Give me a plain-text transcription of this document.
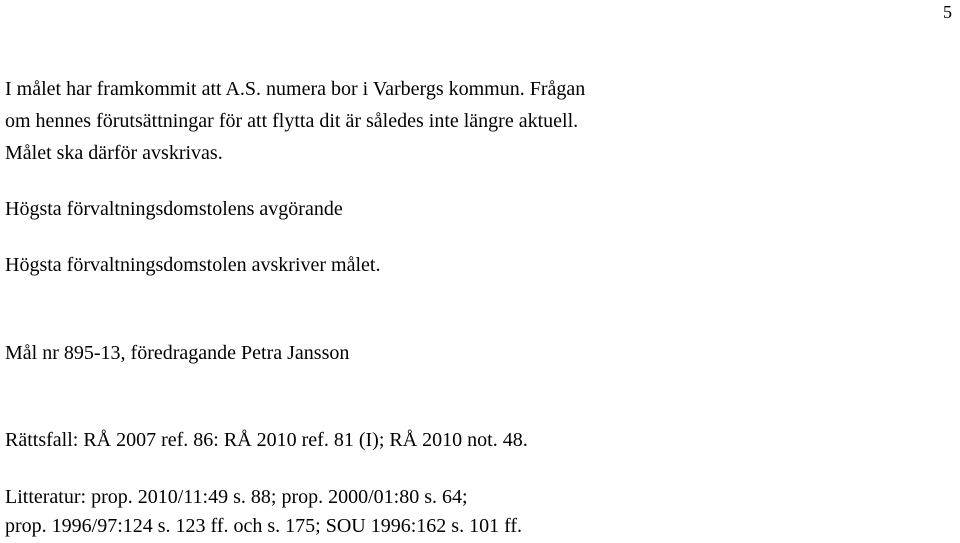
5
I målet har framkommit att A.S. numera bor i Varbergs kommun. Frågan
om hennes förutsättningar för att flytta dit är således inte längre aktuell.
Målet ska därför avskrivas.
Högsta förvaltningsdomstolens avgörande
Högsta förvaltningsdomstolen avskriver målet.
Mål nr 895-13, föredragande Petra Jansson
Rättsfall: RÅ 2007 ref. 86: RÅ 2010 ref. 81 (I); RÅ 2010 not. 48.
Litteratur: prop. 2010/11:49 s. 88; prop. 2000/01:80 s. 64;
prop. 1996/97:124 s. 123 ff. och s. 175; SOU 1996:162 s. 101 ff.
